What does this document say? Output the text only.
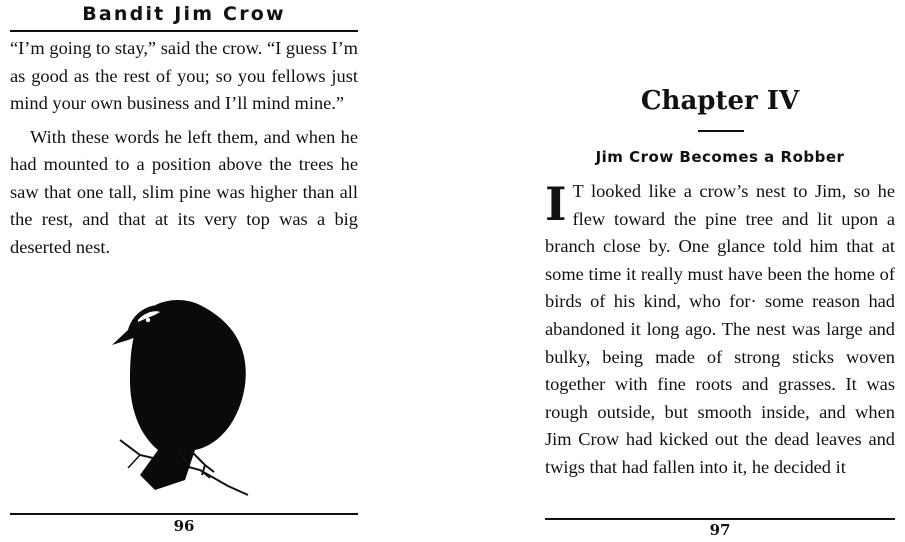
Bandit Jim Crow

“I’m going to stay,” said the crow. “I guess I’m as good as the rest of you; so you fellows just mind your own business and I’ll mind mine.”

With these words he left them, and when he had mounted to a position above the trees he saw that one tall, slim pine was higher than all the rest, and that at its very top was a big deserted nest.

96
Chapter IV
Jim Crow Becomes a Robber
I T looked like a crow’s nest to Jim, so he flew toward the pine tree and lit upon a branch close by. One glance told him that at some time it really must have been the home of birds of his kind, who for· some reason had abandoned it long ago. The nest was large and bulky, being made of strong sticks woven together with fine roots and grasses. It was rough outside, but smooth inside, and when Jim Crow had kicked out the dead leaves and twigs that had fallen into it, he decided it
97
